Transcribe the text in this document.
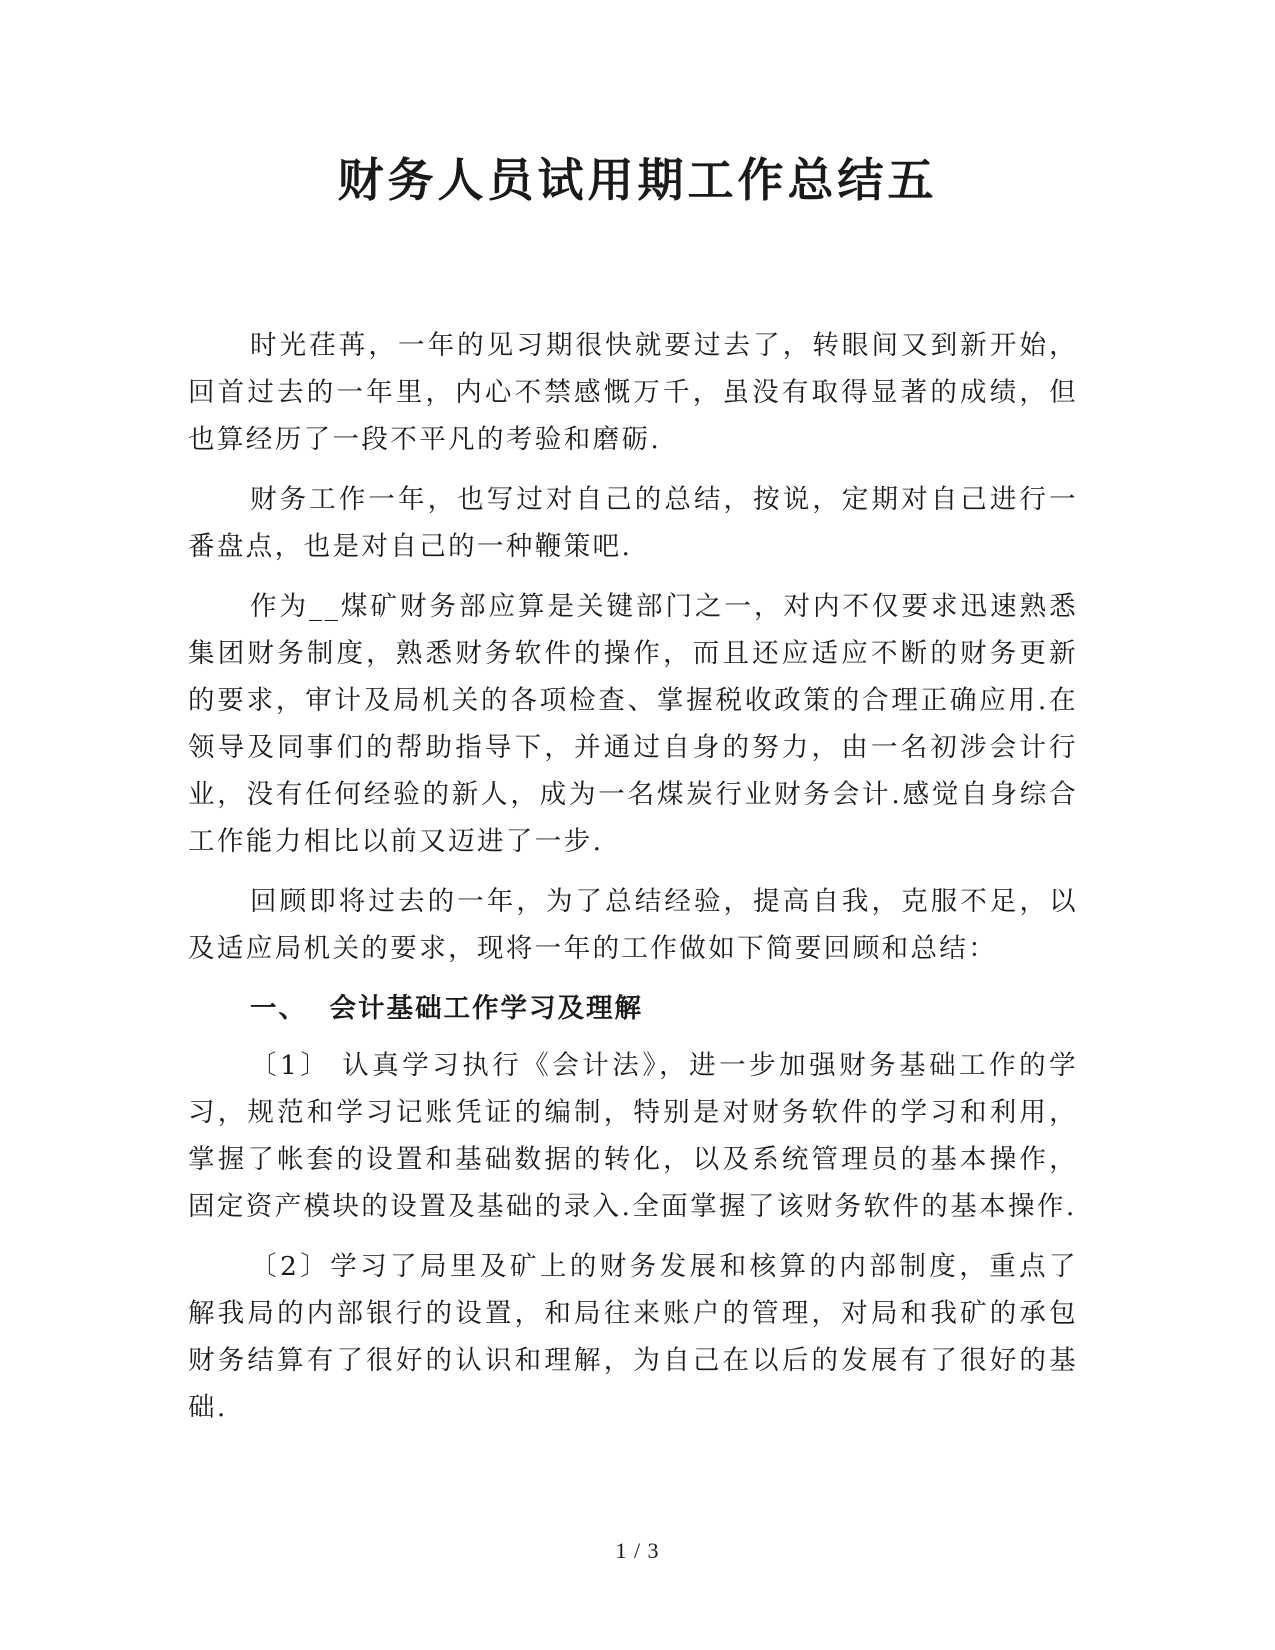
财务人员试用期工作总结五

时光荏苒，一年的见习期很快就要过去了，转眼间又到新开始，回首过去的一年里，内心不禁感慨万千，虽没有取得显著的成绩，但也算经历了一段不平凡的考验和磨砺.

财务工作一年，也写过对自己的总结，按说，定期对自己进行一番盘点，也是对自己的一种鞭策吧.

作为__煤矿财务部应算是关键部门之一，对内不仅要求迅速熟悉集团财务制度，熟悉财务软件的操作，而且还应适应不断的财务更新的要求，审计及局机关的各项检查、掌握税收政策的合理正确应用.在领导及同事们的帮助指导下，并通过自身的努力，由一名初涉会计行业，没有任何经验的新人，成为一名煤炭行业财务会计.感觉自身综合工作能力相比以前又迈进了一步.

回顾即将过去的一年，为了总结经验，提高自我，克服不足，以及适应局机关的要求，现将一年的工作做如下简要回顾和总结：

一、  会计基础工作学习及理解

〔1〕 认真学习执行《会计法》，进一步加强财务基础工作的学习，规范和学习记账凭证的编制，特别是对财务软件的学习和利用，掌握了帐套的设置和基础数据的转化，以及系统管理员的基本操作，固定资产模块的设置及基础的录入.全面掌握了该财务软件的基本操作.

〔2〕学习了局里及矿上的财务发展和核算的内部制度，重点了解我局的内部银行的设置，和局往来账户的管理，对局和我矿的承包财务结算有了很好的认识和理解，为自己在以后的发展有了很好的基础.

1 / 3
